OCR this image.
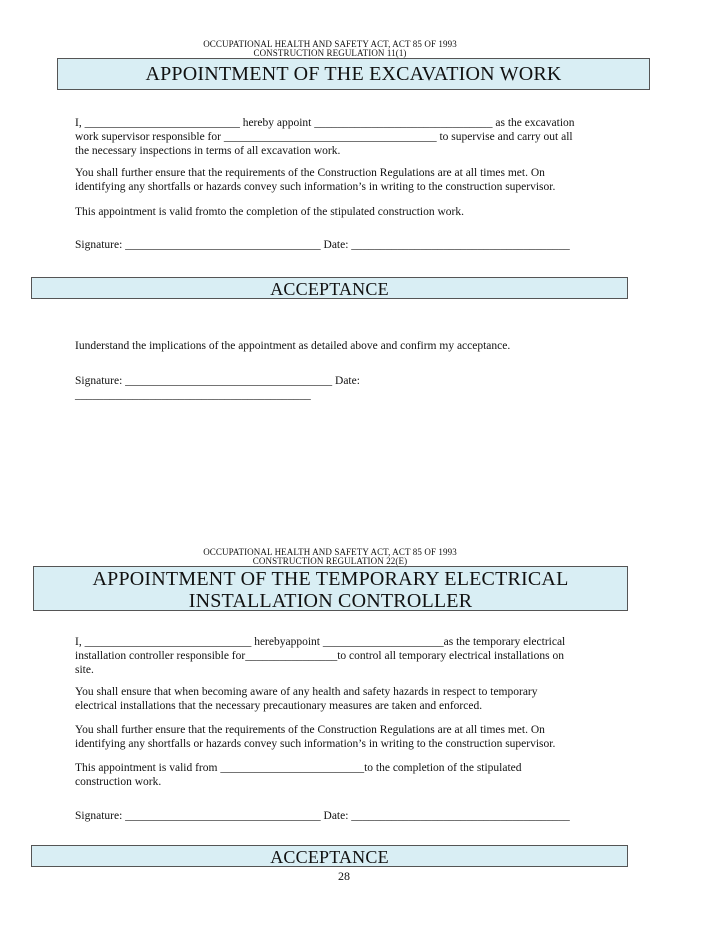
OCCUPATIONAL HEALTH AND SAFETY ACT, ACT 85 OF 1993
CONSTRUCTION REGULATION 11(1)
APPOINTMENT OF THE EXCAVATION WORK
I, ___________________________ hereby appoint _______________________________ as the excavation
work supervisor responsible for _____________________________________ to supervise and carry out all
the necessary inspections in terms of all excavation work.
You shall further ensure that the requirements of the Construction Regulations are at all times met. On
identifying any shortfalls or hazards convey such information’s in writing to the construction supervisor.
This appointment is valid fromto the completion of the stipulated construction work.
Signature: __________________________________ Date: ______________________________________
ACCEPTANCE
Iunderstand the implications of the appointment as detailed above and confirm my acceptance.
Signature: ____________________________________ Date:
_________________________________________
OCCUPATIONAL HEALTH AND SAFETY ACT, ACT 85 OF 1993
CONSTRUCTION REGULATION 22(E)
APPOINTMENT OF THE TEMPORARY ELECTRICAL
INSTALLATION CONTROLLER
I, _____________________________ herebyappoint _____________________as the temporary electrical
installation controller responsible for________________to control all temporary electrical installations on
site.
You shall ensure that when becoming aware of any health and safety hazards in respect to temporary
electrical installations that the necessary precautionary measures are taken and enforced.
You shall further ensure that the requirements of the Construction Regulations are at all times met. On
identifying any shortfalls or hazards convey such information’s in writing to the construction supervisor.
This appointment is valid from _________________________to the completion of the stipulated
construction work.
Signature: __________________________________ Date: ______________________________________
ACCEPTANCE
28
